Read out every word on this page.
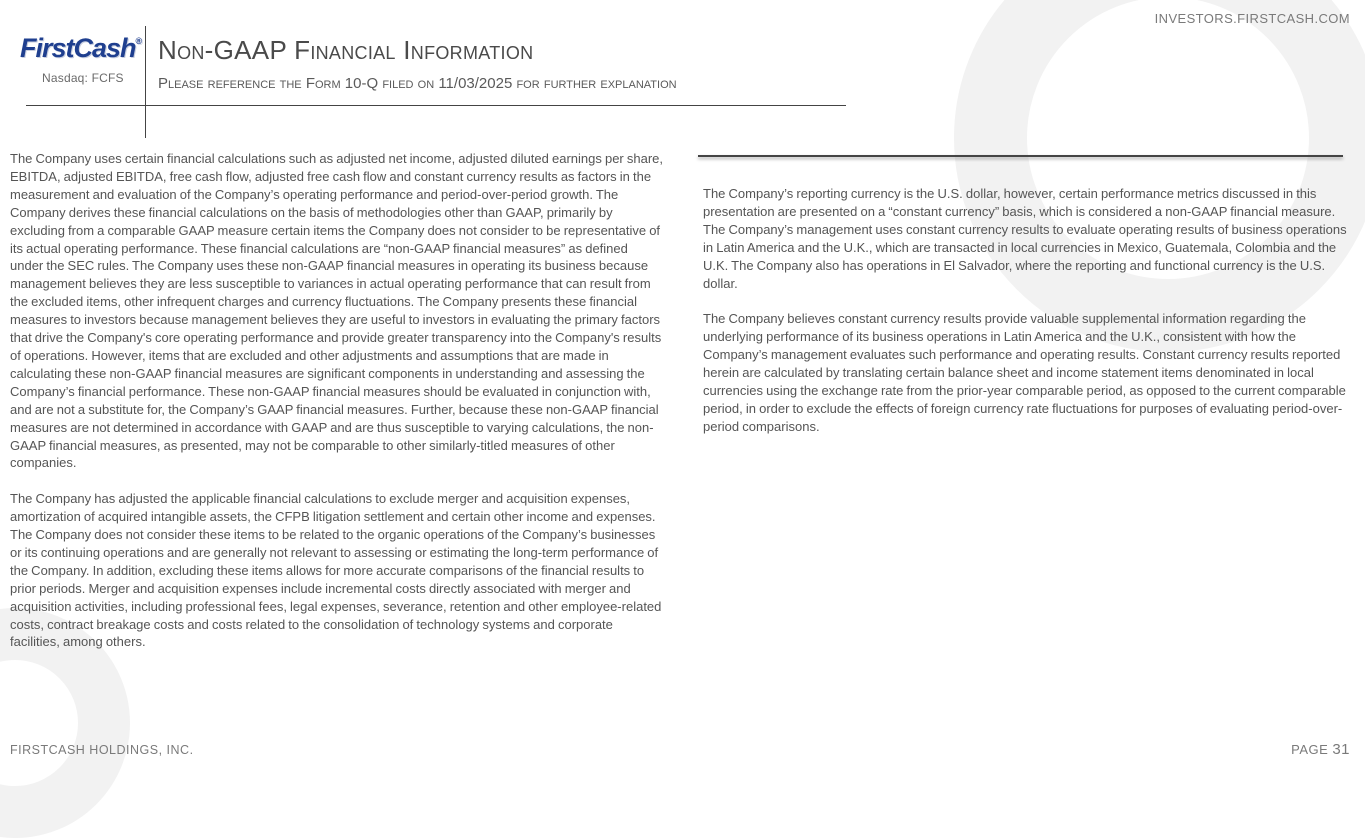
INVESTORS.FIRSTCASH.COM
FirstCash®
Nasdaq: FCFS
Non-GAAP Financial Information
Please reference the Form 10-Q filed on 11/03/2025 for further explanation

The Company uses certain financial calculations such as adjusted net income, adjusted diluted earnings per share, EBITDA, adjusted EBITDA, free cash flow, adjusted free cash flow and constant currency results as factors in the measurement and evaluation of the Company’s operating performance and period-over-period growth. The Company derives these financial calculations on the basis of methodologies other than GAAP, primarily by excluding from a comparable GAAP measure certain items the Company does not consider to be representative of its actual operating performance. These financial calculations are “non-GAAP financial measures” as defined under the SEC rules. The Company uses these non-GAAP financial measures in operating its business because management believes they are less susceptible to variances in actual operating performance that can result from the excluded items, other infrequent charges and currency fluctuations. The Company presents these financial measures to investors because management believes they are useful to investors in evaluating the primary factors that drive the Company's core operating performance and provide greater transparency into the Company's results of operations. However, items that are excluded and other adjustments and assumptions that are made in calculating these non-GAAP financial measures are significant components in understanding and assessing the Company’s financial performance. These non-GAAP financial measures should be evaluated in conjunction with, and are not a substitute for, the Company’s GAAP financial measures. Further, because these non-GAAP financial measures are not determined in accordance with GAAP and are thus susceptible to varying calculations, the non-GAAP financial measures, as presented, may not be comparable to other similarly-titled measures of other companies.

The Company has adjusted the applicable financial calculations to exclude merger and acquisition expenses, amortization of acquired intangible assets, the CFPB litigation settlement and certain other income and expenses. The Company does not consider these items to be related to the organic operations of the Company’s businesses or its continuing operations and are generally not relevant to assessing or estimating the long-term performance of the Company. In addition, excluding these items allows for more accurate comparisons of the financial results to prior periods. Merger and acquisition expenses include incremental costs directly associated with merger and acquisition activities, including professional fees, legal expenses, severance, retention and other employee-related costs, contract breakage costs and costs related to the consolidation of technology systems and corporate facilities, among others.

The Company’s reporting currency is the U.S. dollar, however, certain performance metrics discussed in this presentation are presented on a “constant currency” basis, which is considered a non-GAAP financial measure. The Company’s management uses constant currency results to evaluate operating results of business operations in Latin America and the U.K., which are transacted in local currencies in Mexico, Guatemala, Colombia and the U.K. The Company also has operations in El Salvador, where the reporting and functional currency is the U.S. dollar.

The Company believes constant currency results provide valuable supplemental information regarding the underlying performance of its business operations in Latin America and the U.K., consistent with how the Company’s management evaluates such performance and operating results. Constant currency results reported herein are calculated by translating certain balance sheet and income statement items denominated in local currencies using the exchange rate from the prior-year comparable period, as opposed to the current comparable period, in order to exclude the effects of foreign currency rate fluctuations for purposes of evaluating period-over-period comparisons.

FIRSTCASH HOLDINGS, INC.	PAGE 31
